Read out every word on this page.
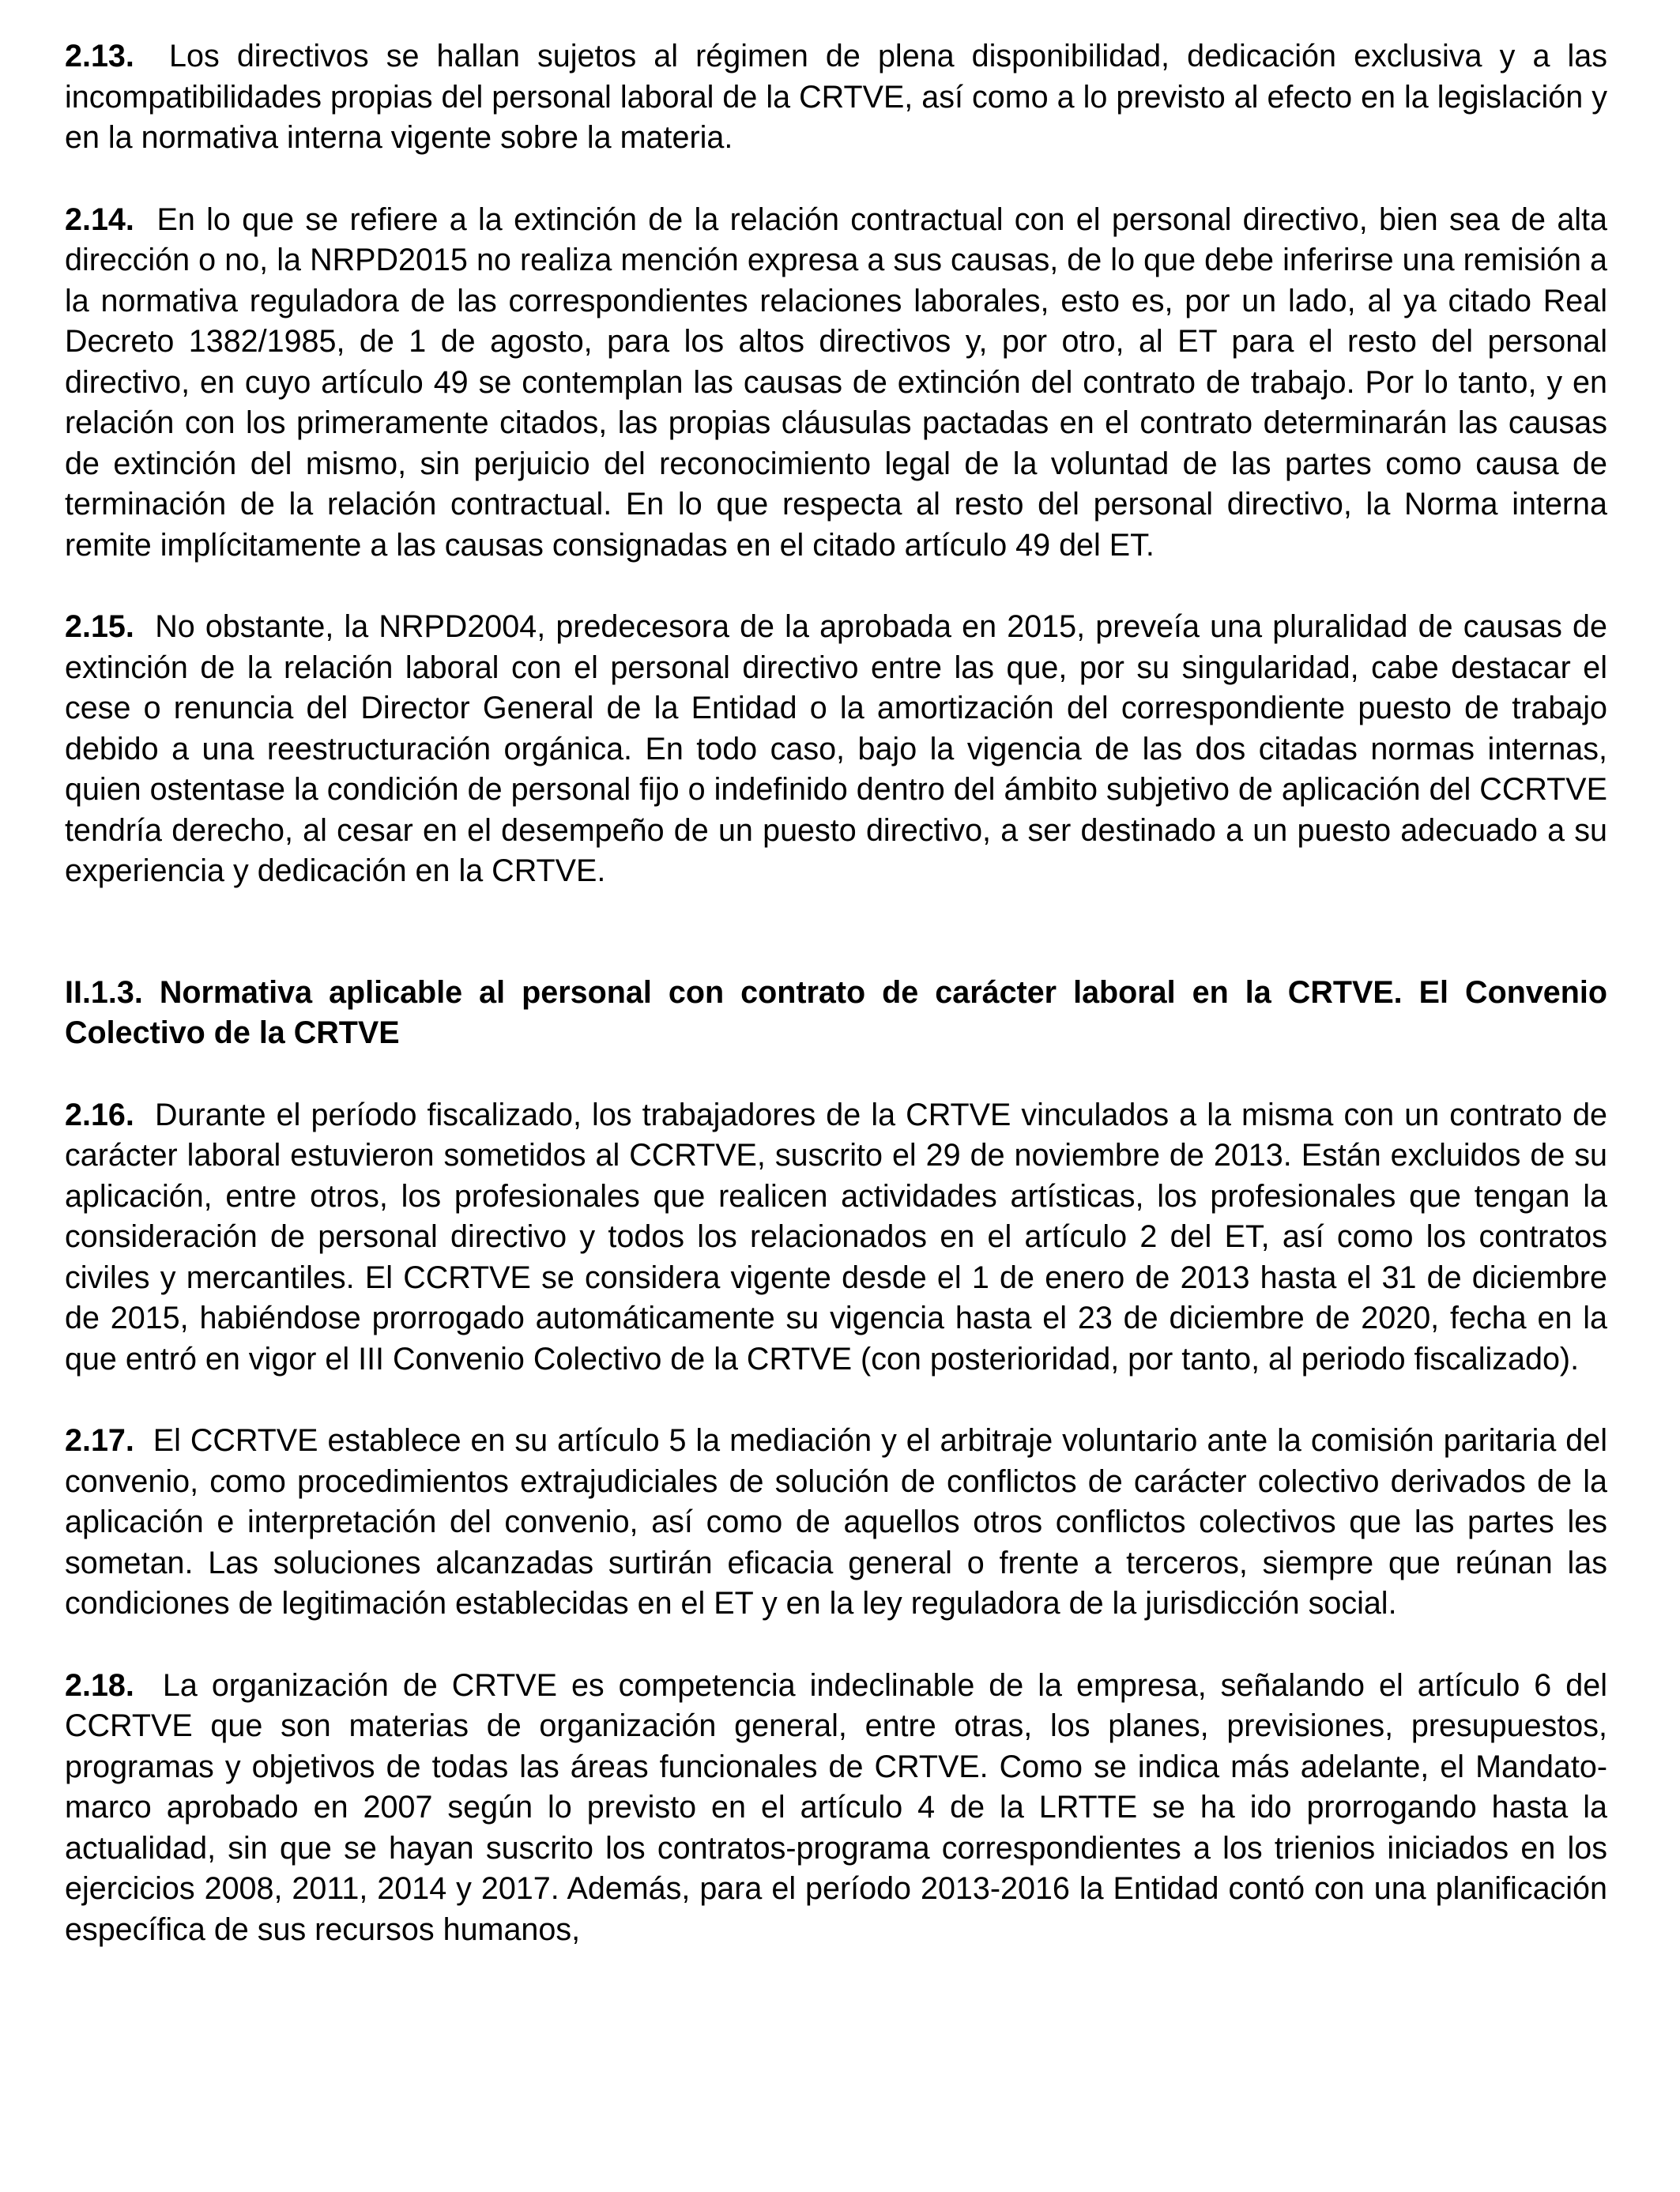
2.13. Los directivos se hallan sujetos al régimen de plena disponibilidad, dedicación exclusiva y a las incompatibilidades propias del personal laboral de la CRTVE, así como a lo previsto al efecto en la legislación y en la normativa interna vigente sobre la materia.

2.14. En lo que se refiere a la extinción de la relación contractual con el personal directivo, bien sea de alta dirección o no, la NRPD2015 no realiza mención expresa a sus causas, de lo que debe inferirse una remisión a la normativa reguladora de las correspondientes relaciones laborales, esto es, por un lado, al ya citado Real Decreto 1382/1985, de 1 de agosto, para los altos directivos y, por otro, al ET para el resto del personal directivo, en cuyo artículo 49 se contemplan las causas de extinción del contrato de trabajo. Por lo tanto, y en relación con los primeramente citados, las propias cláusulas pactadas en el contrato determinarán las causas de extinción del mismo, sin perjuicio del reconocimiento legal de la voluntad de las partes como causa de terminación de la relación contractual. En lo que respecta al resto del personal directivo, la Norma interna remite implícitamente a las causas consignadas en el citado artículo 49 del ET.

2.15. No obstante, la NRPD2004, predecesora de la aprobada en 2015, preveía una pluralidad de causas de extinción de la relación laboral con el personal directivo entre las que, por su singularidad, cabe destacar el cese o renuncia del Director General de la Entidad o la amortización del correspondiente puesto de trabajo debido a una reestructuración orgánica. En todo caso, bajo la vigencia de las dos citadas normas internas, quien ostentase la condición de personal fijo o indefinido dentro del ámbito subjetivo de aplicación del CCRTVE tendría derecho, al cesar en el desempeño de un puesto directivo, a ser destinado a un puesto adecuado a su experiencia y dedicación en la CRTVE.

II.1.3. Normativa aplicable al personal con contrato de carácter laboral en la CRTVE. El Convenio Colectivo de la CRTVE

2.16. Durante el período fiscalizado, los trabajadores de la CRTVE vinculados a la misma con un contrato de carácter laboral estuvieron sometidos al CCRTVE, suscrito el 29 de noviembre de 2013. Están excluidos de su aplicación, entre otros, los profesionales que realicen actividades artísticas, los profesionales que tengan la consideración de personal directivo y todos los relacionados en el artículo 2 del ET, así como los contratos civiles y mercantiles. El CCRTVE se considera vigente desde el 1 de enero de 2013 hasta el 31 de diciembre de 2015, habiéndose prorrogado automáticamente su vigencia hasta el 23 de diciembre de 2020, fecha en la que entró en vigor el III Convenio Colectivo de la CRTVE (con posterioridad, por tanto, al periodo fiscalizado).

2.17. El CCRTVE establece en su artículo 5 la mediación y el arbitraje voluntario ante la comisión paritaria del convenio, como procedimientos extrajudiciales de solución de conflictos de carácter colectivo derivados de la aplicación e interpretación del convenio, así como de aquellos otros conflictos colectivos que las partes les sometan. Las soluciones alcanzadas surtirán eficacia general o frente a terceros, siempre que reúnan las condiciones de legitimación establecidas en el ET y en la ley reguladora de la jurisdicción social.

2.18. La organización de CRTVE es competencia indeclinable de la empresa, señalando el artículo 6 del CCRTVE que son materias de organización general, entre otras, los planes, previsiones, presupuestos, programas y objetivos de todas las áreas funcionales de CRTVE. Como se indica más adelante, el Mandato-marco aprobado en 2007 según lo previsto en el artículo 4 de la LRTTE se ha ido prorrogando hasta la actualidad, sin que se hayan suscrito los contratos-programa correspondientes a los trienios iniciados en los ejercicios 2008, 2011, 2014 y 2017. Además, para el período 2013-2016 la Entidad contó con una planificación específica de sus recursos humanos,
